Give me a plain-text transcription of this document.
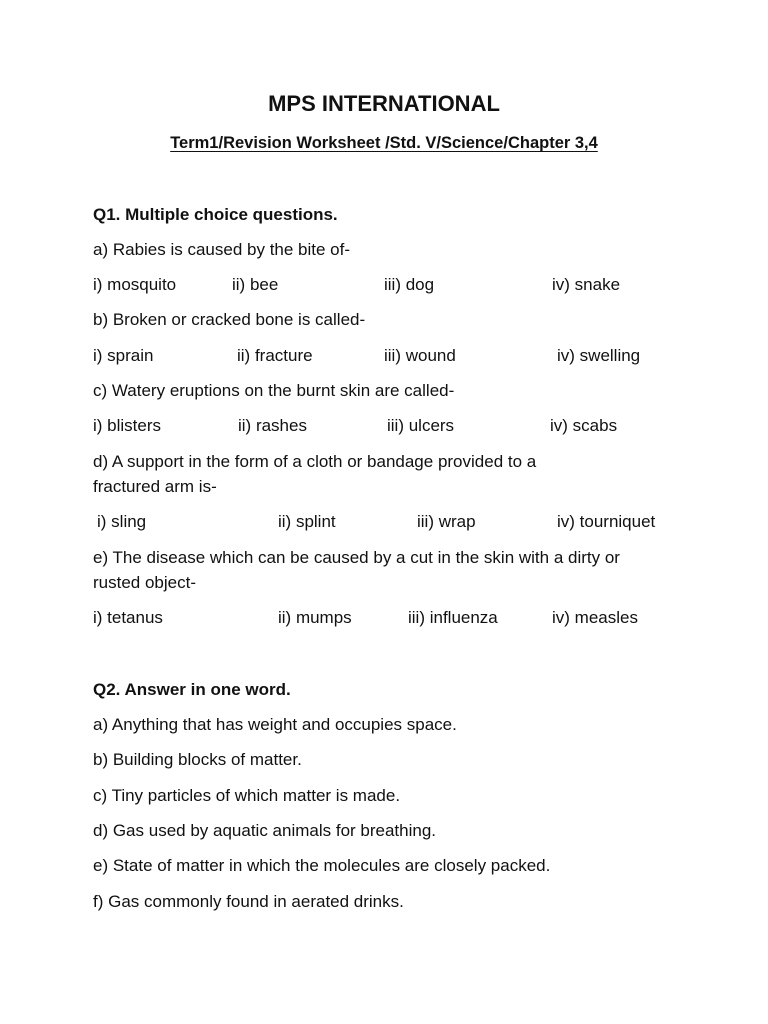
MPS INTERNATIONAL
Term1/Revision Worksheet /Std. V/Science/Chapter 3,4
Q1. Multiple choice questions.
a) Rabies is caused by the bite of-
i) mosquito	ii) bee	iii) dog	iv) snake
b) Broken or cracked bone is called-
i) sprain	ii) fracture	iii) wound	iv) swelling
c) Watery eruptions on the burnt skin are called-
i) blisters	ii) rashes	iii) ulcers	iv) scabs
d) A support in the form of a cloth or bandage provided to a
fractured arm is-
i) sling	ii) splint	iii) wrap	iv) tourniquet
e) The disease which can be caused by a cut in the skin with a dirty or
rusted object-
i) tetanus	ii) mumps	iii) influenza	iv) measles
Q2. Answer in one word.
a) Anything that has weight and occupies space.
b) Building blocks of matter.
c) Tiny particles of which matter is made.
d) Gas used by aquatic animals for breathing.
e) State of matter in which the molecules are closely packed.
f) Gas commonly found in aerated drinks.
